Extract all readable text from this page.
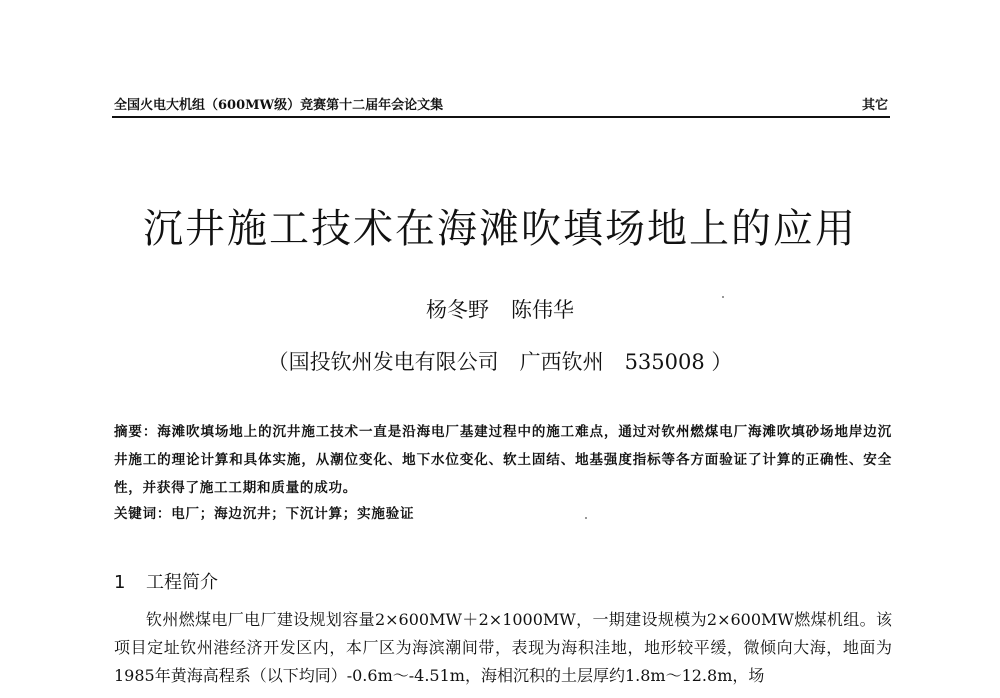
全国火电大机组（600MW级）竞赛第十二届年会论文集	其它
沉井施工技术在海滩吹填场地上的应用
杨冬野 陈伟华
（国投钦州发电有限公司　广西钦州　535008 ）
摘要：海滩吹填场地上的沉井施工技术一直是沿海电厂基建过程中的施工难点，通过对钦州燃煤电厂海滩吹填砂场地岸边沉井施工的理论计算和具体实施，从潮位变化、地下水位变化、软土固结、地基强度指标等各方面验证了计算的正确性、安全性，并获得了施工工期和质量的成功。
关键词：电厂；海边沉井；下沉计算；实施验证
1 工程简介

钦州燃煤电厂电厂建设规划容量2×600MW＋2×1000MW，一期建设规模为2×600MW燃煤机组。该项目定址钦州港经济开发区内，本厂区为海滨潮间带，表现为海积洼地，地形较平缓，微倾向大海，地面为1985年黄海高程系（以下均同）-0.6m～-4.51m，海相沉积的土层厚约1.8m～12.8m，场
